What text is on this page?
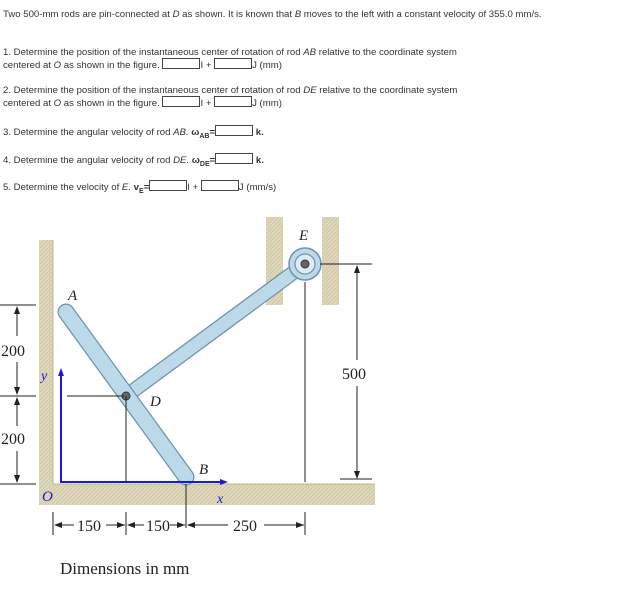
Two 500-mm rods are pin-connected at D as shown. It is known that B moves to the left with a constant velocity of 355.0 mm/s.
1. Determine the position of the instantaneous center of rotation of rod AB relative to the coordinate system
centered at O as shown in the figure.	I +	J (mm)
2. Determine the position of the instantaneous center of rotation of rod DE relative to the coordinate system
centered at O as shown in the figure.	I +	J (mm)
3. Determine the angular velocity of rod AB. $\omega_{AB}=$	k.
4. Determine the angular velocity of rod DE. $\omega_{DE}=$	k.
5. Determine the velocity of E. $v_E=$	I +	J (mm/s)
A
D
B
E
O	x
y
200
200
500
150	150	250
Dimensions in mm
